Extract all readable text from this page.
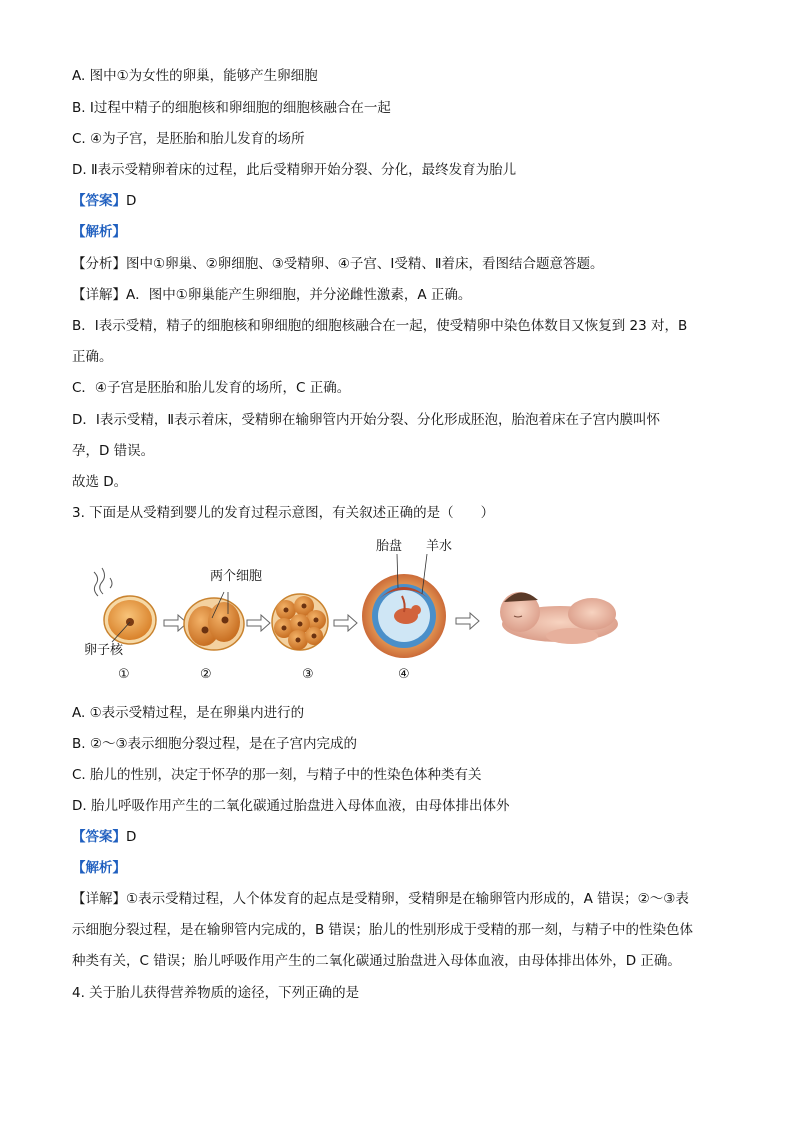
A. 图中①为女性的卵巢，能够产生卵细胞
B. Ⅰ过程中精子的细胞核和卵细胞的细胞核融合在一起
C. ④为子宫，是胚胎和胎儿发育的场所
D. Ⅱ表示受精卵着床的过程，此后受精卵开始分裂、分化，最终发育为胎儿
【答案】D
【解析】
【分析】图中①卵巢、②卵细胞、③受精卵、④子宫、Ⅰ受精、Ⅱ着床，看图结合题意答题。
【详解】A．图中①卵巢能产生卵细胞，并分泌雌性激素，A 正确。
B．Ⅰ表示受精，精子的细胞核和卵细胞的细胞核融合在一起，使受精卵中染色体数目又恢复到 23 对，B
正确。
C．④子宫是胚胎和胎儿发育的场所，C 正确。
D．Ⅰ表示受精，Ⅱ表示着床，受精卵在输卵管内开始分裂、分化形成胚泡，胎泡着床在子宫内膜叫怀
孕，D 错误。
故选 D。
3. 下面是从受精到婴儿的发育过程示意图，有关叙述正确的是（　　）
卵子核
①
两个细胞
②	③
胎盘 羊水
④
A. ①表示受精过程，是在卵巢内进行的
B. ②～③表示细胞分裂过程，是在子宫内完成的
C. 胎儿的性别，决定于怀孕的那一刻，与精子中的性染色体种类有关
D. 胎儿呼吸作用产生的二氧化碳通过胎盘进入母体血液，由母体排出体外
【答案】D
【解析】
【详解】①表示受精过程，人个体发育的起点是受精卵，受精卵是在输卵管内形成的，A 错误；②～③表
示细胞分裂过程，是在输卵管内完成的，B 错误；胎儿的性别形成于受精的那一刻，与精子中的性染色体
种类有关，C 错误；胎儿呼吸作用产生的二氧化碳通过胎盘进入母体血液，由母体排出体外，D 正确。
4. 关于胎儿获得营养物质的途径，下列正确的是
